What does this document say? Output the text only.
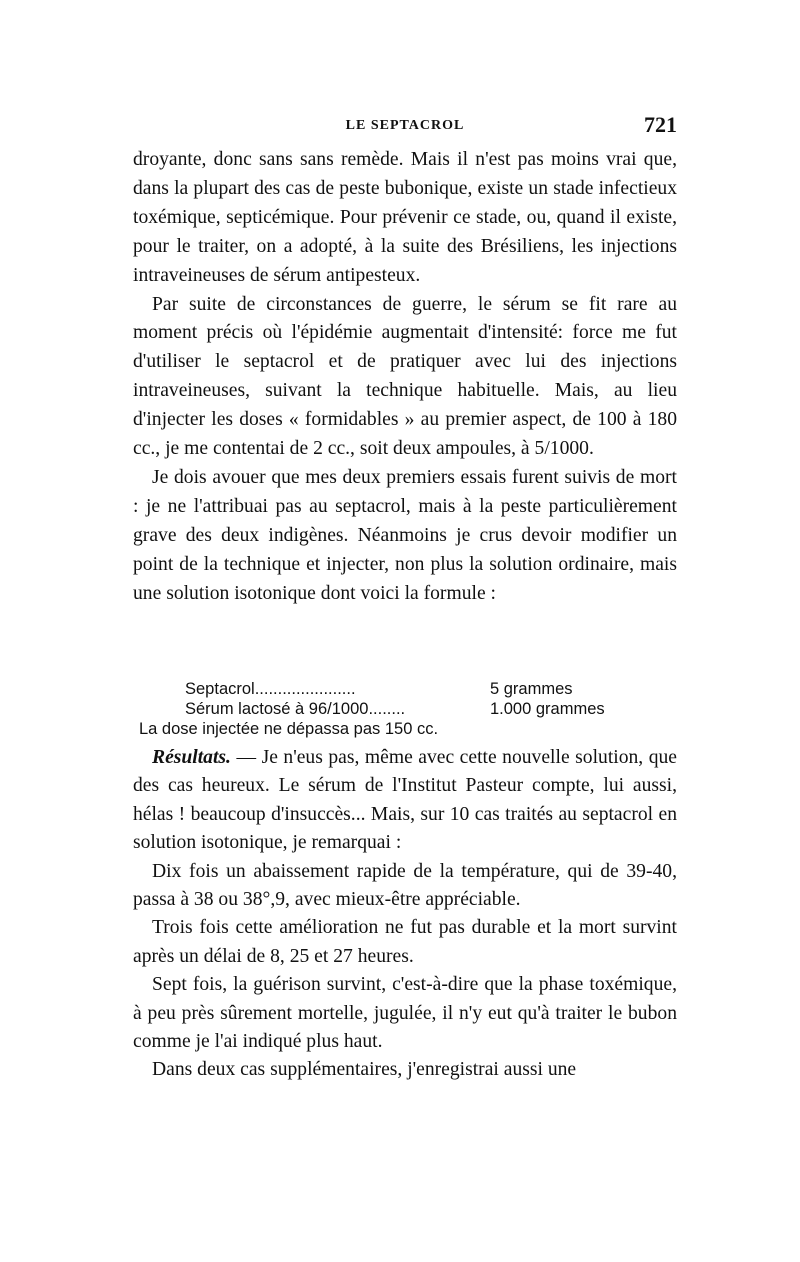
LE SEPTACROL	721

droyante, donc sans sans remède. Mais il n'est pas moins vrai que, dans la plupart des cas de peste bubonique, existe un stade infectieux toxémique, septicémique. Pour prévenir ce stade, ou, quand il existe, pour le traiter, on a adopté, à la suite des Brésiliens, les injections intraveineuses de sérum antipesteux.

Par suite de circonstances de guerre, le sérum se fit rare au moment précis où l'épidémie augmentait d'intensité: force me fut d'utiliser le septacrol et de pratiquer avec lui des injections intraveineuses, suivant la technique habituelle. Mais, au lieu d'injecter les doses « formidables » au premier aspect, de 100 à 180 cc., je me contentai de 2 cc., soit deux ampoules, à 5/1000.

Je dois avouer que mes deux premiers essais furent suivis de mort : je ne l'attribuai pas au septacrol, mais à la peste particulièrement grave des deux indigènes. Néanmoins je crus devoir modifier un point de la technique et injecter, non plus la solution ordinaire, mais une solution isotonique dont voici la formule :

Septacrol......................	5 grammes
Sérum lactosé à 96/1000........	1.000 grammes
La dose injectée ne dépassa pas 150 cc.

Résultats. — Je n'eus pas, même avec cette nouvelle solution, que des cas heureux. Le sérum de l'Institut Pasteur compte, lui aussi, hélas ! beaucoup d'insuccès... Mais, sur 10 cas traités au septacrol en solution isotonique, je remarquai :

Dix fois un abaissement rapide de la température, qui de 39-40, passa à 38 ou 38°,9, avec mieux-être appréciable.

Trois fois cette amélioration ne fut pas durable et la mort survint après un délai de 8, 25 et 27 heures.

Sept fois, la guérison survint, c'est-à-dire que la phase toxémique, à peu près sûrement mortelle, jugulée, il n'y eut qu'à traiter le bubon comme je l'ai indiqué plus haut.

Dans deux cas supplémentaires, j'enregistrai aussi une
